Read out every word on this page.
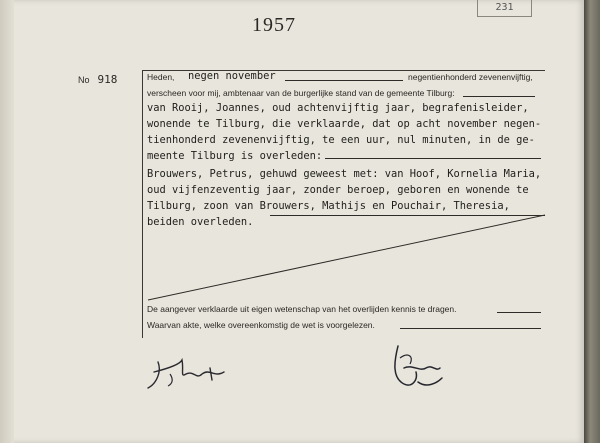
231
1957
No 918	Heden, negen november	negentienhonderd zevenenvijftig,
verscheen voor mij, ambtenaar van de burgerlijke stand van de gemeente Tilburg:
van Rooij, Joannes, oud achtenvijftig jaar, begrafenisleider,
wonende te Tilburg, die verklaarde, dat op acht november negen-
tienhonderd zevenenvijftig, te een uur, nul minuten, in de ge-
meente Tilburg is overleden:
Brouwers, Petrus, gehuwd geweest met: van Hoof, Kornelia Maria,
oud vijfenzeventig jaar, zonder beroep, geboren en wonende te
Tilburg, zoon van Brouwers, Mathijs en Pouchair, Theresia,
beiden overleden.
De aangever verklaarde uit eigen wetenschap van het overlijden kennis te dragen.
Waarvan akte, welke overeenkomstig de wet is voorgelezen.
